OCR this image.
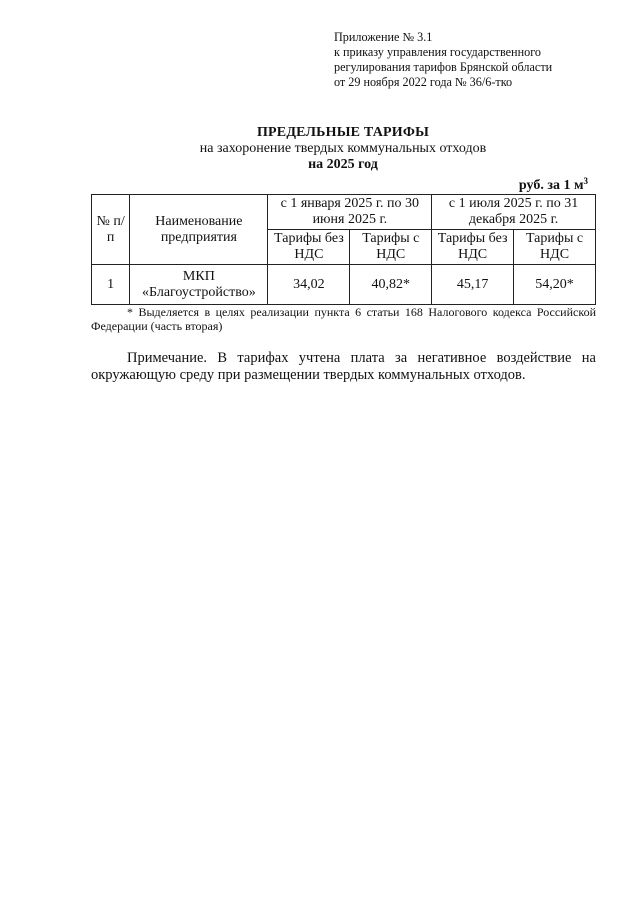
Приложение № 3.1
к приказу управления государственного
регулирования тарифов Брянской области
от 29 ноября 2022 года № 36/6-тко
ПРЕДЕЛЬНЫЕ ТАРИФЫ
на захоронение твердых коммунальных отходов
на 2025 год
руб. за 1 $м^3$
№ п/п	Наименование предприятия	с 1 января 2025 г. по 30 июня 2025 г.		с 1 июля 2025 г. по 31 декабря 2025 г.	
		Тарифы без НДС	Тарифы с НДС	Тарифы без НДС	Тарифы с НДС
1	МКП «Благоустройство»	34,02	40,82*	45,17	54,20*
* Выделяется в целях реализации пункта 6 статьи 168 Налогового кодекса Российской Федерации (часть вторая)
Примечание. В тарифах учтена плата за негативное воздействие на окружающую среду при размещении твердых коммунальных отходов.
